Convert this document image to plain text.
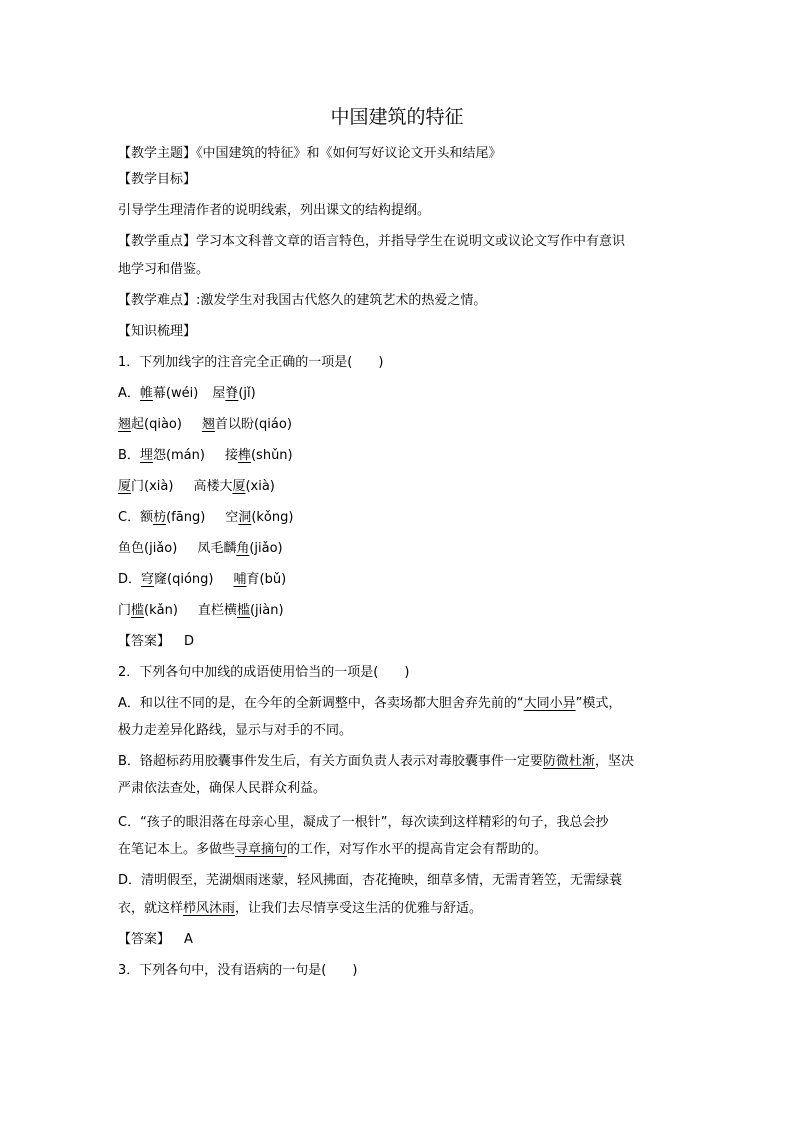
中国建筑的特征
【教学主题】《中国建筑的特征》和《如何写好议论文开头和结尾》
【教学目标】
引导学生理清作者的说明线索，列出课文的结构提纲。
【教学重点】学习本文科普文章的语言特色，并指导学生在说明文或议论文写作中有意识
地学习和借鉴。
【教学难点】:激发学生对我国古代悠久的建筑艺术的热爱之情。
【知识梳理】
1．下列加线字的注音完全正确的一项是(　　)
A．帷幕(wéi) 屋脊(jǐ)
翘起(qiào) 翘首以盼(qiáo)
B．埋怨(mán) 接榫(shǔn)
厦门(xià) 高楼大厦(xià)
C．额枋(fāng) 空洞(kǒng)
鱼色(jiǎo) 凤毛麟角(jiǎo)
D．穹窿(qióng) 哺育(bǔ)
门槛(kǎn) 直栏横槛(jiàn)
【答案】 D
2．下列各句中加线的成语使用恰当的一项是(　　)
A．和以往不同的是，在今年的全新调整中，各卖场都大胆舍弃先前的“大同小异”模式，
极力走差异化路线，显示与对手的不同。
B．铬超标药用胶囊事件发生后，有关方面负责人表示对毒胶囊事件一定要防微杜渐，坚决
严肃依法查处，确保人民群众利益。
C．“孩子的眼泪落在母亲心里，凝成了一根针”，每次读到这样精彩的句子，我总会抄
在笔记本上。多做些寻章摘句的工作，对写作水平的提高肯定会有帮助的。
D．清明假至，芜湖烟雨迷蒙，轻风拂面，杏花掩映，细草多情，无需青箬笠，无需绿蓑
衣，就这样栉风沐雨，让我们去尽情享受这生活的优雅与舒适。
【答案】 A
3．下列各句中，没有语病的一句是(　　)
